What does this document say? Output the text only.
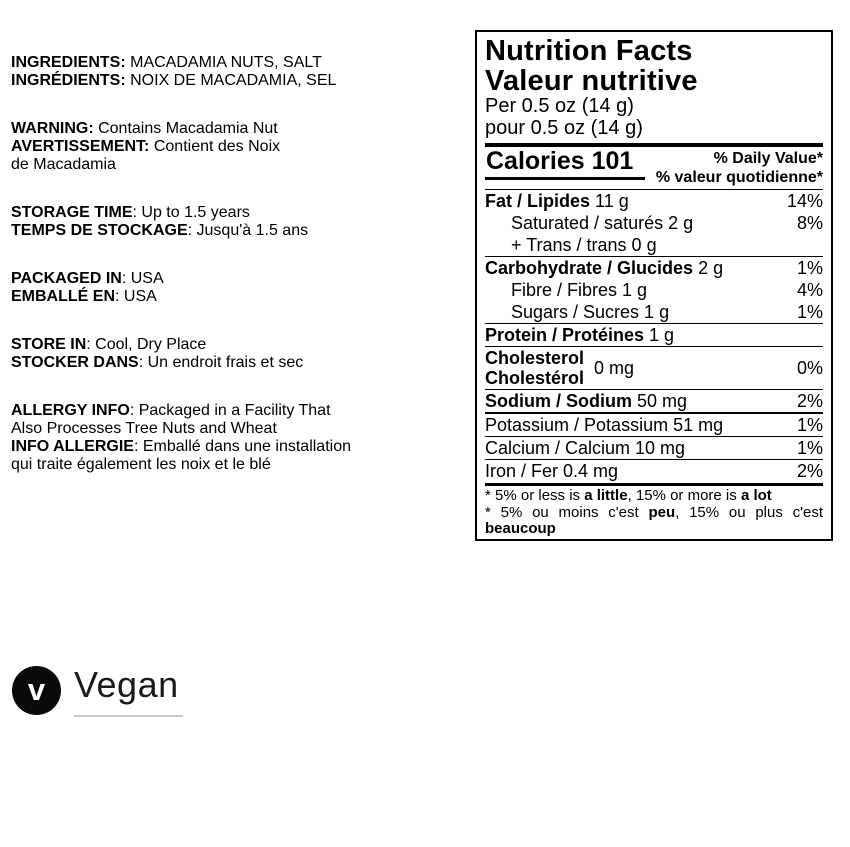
INGREDIENTS: MACADAMIA NUTS, SALT
INGRÉDIENTS: NOIX DE MACADAMIA, SEL

WARNING: Contains Macadamia Nut
AVERTISSEMENT: Contient des Noix
de Macadamia

STORAGE TIME: Up to 1.5 years
TEMPS DE STOCKAGE: Jusqu'à 1.5 ans

PACKAGED IN: USA
EMBALLÉ EN: USA

STORE IN: Cool, Dry Place
STOCKER DANS: Un endroit frais et sec

ALLERGY INFO: Packaged in a Facility That
Also Processes Tree Nuts and Wheat
INFO ALLERGIE: Emballé dans une installation
qui traite également les noix et le blé

v Vegan
Nutrition Facts
Valeur nutritive
Per 0.5 oz (14 g)
pour 0.5 oz (14 g)
Calories 101	% Daily Value*
% valeur quotidienne*
Fat / Lipides 11 g	14%
Saturated / saturés 2 g	8%
+ Trans / trans 0 g
Carbohydrate / Glucides 2 g	1%
Fibre / Fibres 1 g	4%
Sugars / Sucres 1 g	1%
Protein / Protéines 1 g
Cholesterol
Cholestérol 0 mg	0%
Sodium / Sodium 50 mg	2%
Potassium / Potassium 51 mg	1%
Calcium / Calcium 10 mg	1%
Iron / Fer 0.4 mg	2%

* 5% or less is a little, 15% or more is a lot

* 5% ou moins c'est peu, 15% ou plus c'est beaucoup
